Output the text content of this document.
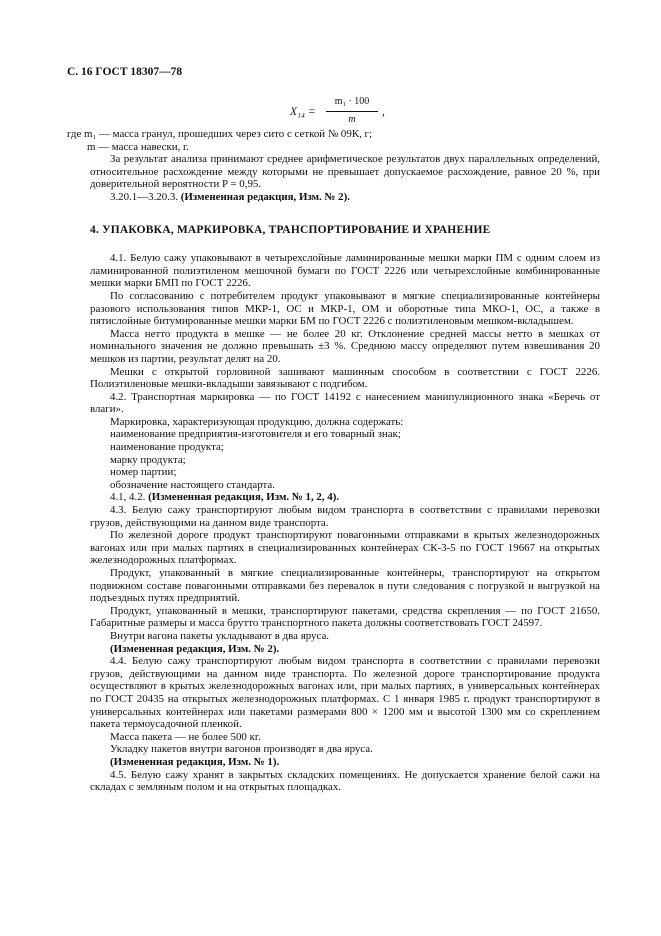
С. 16 ГОСТ 18307—78
X₁₄ =
m₁ · 100
m
,

где m₁ — масса гранул, прошедших через сито с сеткой № 09К, г;

m — масса навески, г.

За результат анализа принимают среднее арифметическое результатов двух параллельных определений, относительное расхождение между которыми не превышает допускаемое расхождение, равное 20 %, при доверительной вероятности P = 0,95.

3.20.1—3.20.3. (Измененная редакция, Изм. № 2).

4. УПАКОВКА, МАРКИРОВКА, ТРАНСПОРТИРОВАНИЕ И ХРАНЕНИЕ

4.1. Белую сажу упаковывают в четырехслойные ламинированные мешки марки ПМ с одним слоем из ламинированной полиэтиленом мешочной бумаги по ГОСТ 2226 или четырехслойные комбинированные мешки марки БМП по ГОСТ 2226.

По согласованию с потребителем продукт упаковывают в мягкие специализированные контейнеры разового использования типов МКР-1, ОС и МКР-1, ОМ и оборотные типа МКО-1, ОС, а также в пятислойные битумированные мешки марки БМ по ГОСТ 2226 с полиэтиленовым мешком-вкладышем.

Масса нетто продукта в мешке — не более 20 кг. Отклонение средней массы нетто в мешках от номинального значения не должно превышать ±3 %. Среднюю массу определяют путем взвешивания 20 мешков из партии, результат делят на 20.

Мешки с открытой горловиной зашивают машинным способом в соответствии с ГОСТ 2226. Полиэтиленовые мешки-вкладыши завязывают с подгибом.

4.2. Транспортная маркировка — по ГОСТ 14192 с нанесением манипуляционного знака «Беречь от влаги».

Маркировка, характеризующая продукцию, должна содержать:

наименование предприятия-изготовителя и его товарный знак;

наименование продукта;

марку продукта;

номер партии;

обозначение настоящего стандарта.

4.1, 4.2. (Измененная редакция, Изм. № 1, 2, 4).

4.3. Белую сажу транспортируют любым видом транспорта в соответствии с правилами перевозки грузов, действующими на данном виде транспорта.

По железной дороге продукт транспортируют повагонными отправками в крытых железнодорожных вагонах или при малых партиях в специализированных контейнерах СК-3-5 по ГОСТ 19667 на открытых железнодорожных платформах.

Продукт, упакованный в мягкие специализированные контейнеры, транспортируют на открытом подвижном составе повагонными отправками без перевалок в пути следования с погрузкой и выгрузкой на подъездных путях предприятий.

Продукт, упакованный в мешки, транспортируют пакетами, средства скрепления — по ГОСТ 21650. Габаритные размеры и масса брутто транспортного пакета должны соответствовать ГОСТ 24597.

Внутри вагона пакеты укладывают в два яруса.

(Измененная редакция, Изм. № 2).

4.4. Белую сажу транспортируют любым видом транспорта в соответствии с правилами перевозки грузов, действующими на данном виде транспорта. По железной дороге транспортирование продукта осуществляют в крытых железнодорожных вагонах или, при малых партиях, в универсальных контейнерах по ГОСТ 20435 на открытых железнодорожных платформах. С 1 января 1985 г. продукт транспортируют в универсальных контейнерах или пакетами размерами 800 × 1200 мм и высотой 1300 мм со скреплением пакета термоусадочной пленкой.

Масса пакета — не более 500 кг.

Укладку пакетов внутри вагонов производят в два яруса.

(Измененная редакция, Изм. № 1).

4.5. Белую сажу хранят в закрытых складских помещениях. Не допускается хранение белой сажи на складах с земляным полом и на открытых площадках.
